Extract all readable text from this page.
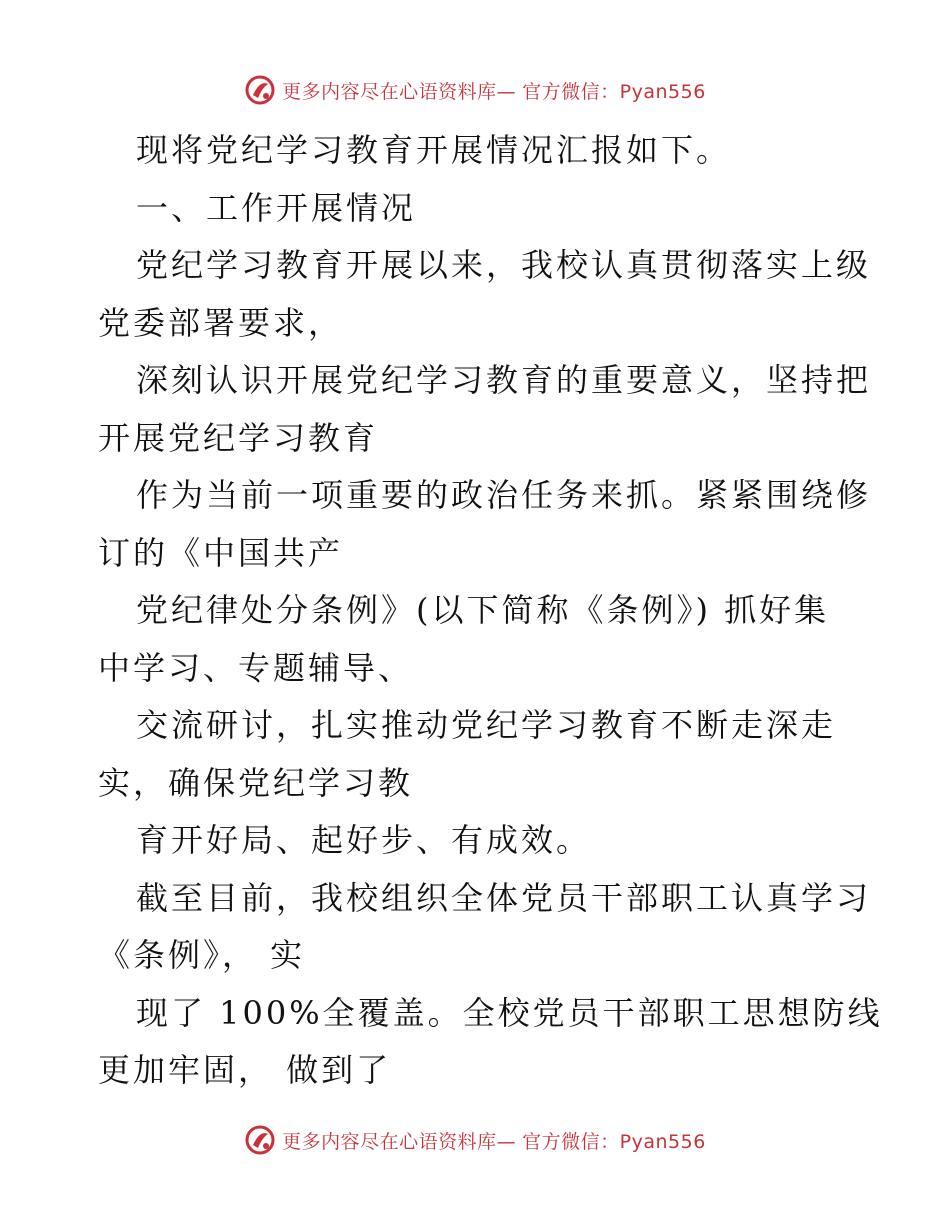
更多内容尽在心语资料库— 官方微信：Pyan556
现将党纪学习教育开展情况汇报如下。
一、工作开展情况
党纪学习教育开展以来，我校认真贯彻落实上级
党委部署要求，
深刻认识开展党纪学习教育的重要意义，坚持把
开展党纪学习教育
作为当前一项重要的政治任务来抓。紧紧围绕修
订的《中国共产
党纪律处分条例》(以下简称《条例》) 抓好集
中学习、专题辅导、
交流研讨，扎实推动党纪学习教育不断走深走
实，确保党纪学习教
育开好局、起好步、有成效。
截至目前，我校组织全体党员干部职工认真学习
《条例》， 实
现了 100%全覆盖。全校党员干部职工思想防线
更加牢固， 做到了
更多内容尽在心语资料库— 官方微信：Pyan556
